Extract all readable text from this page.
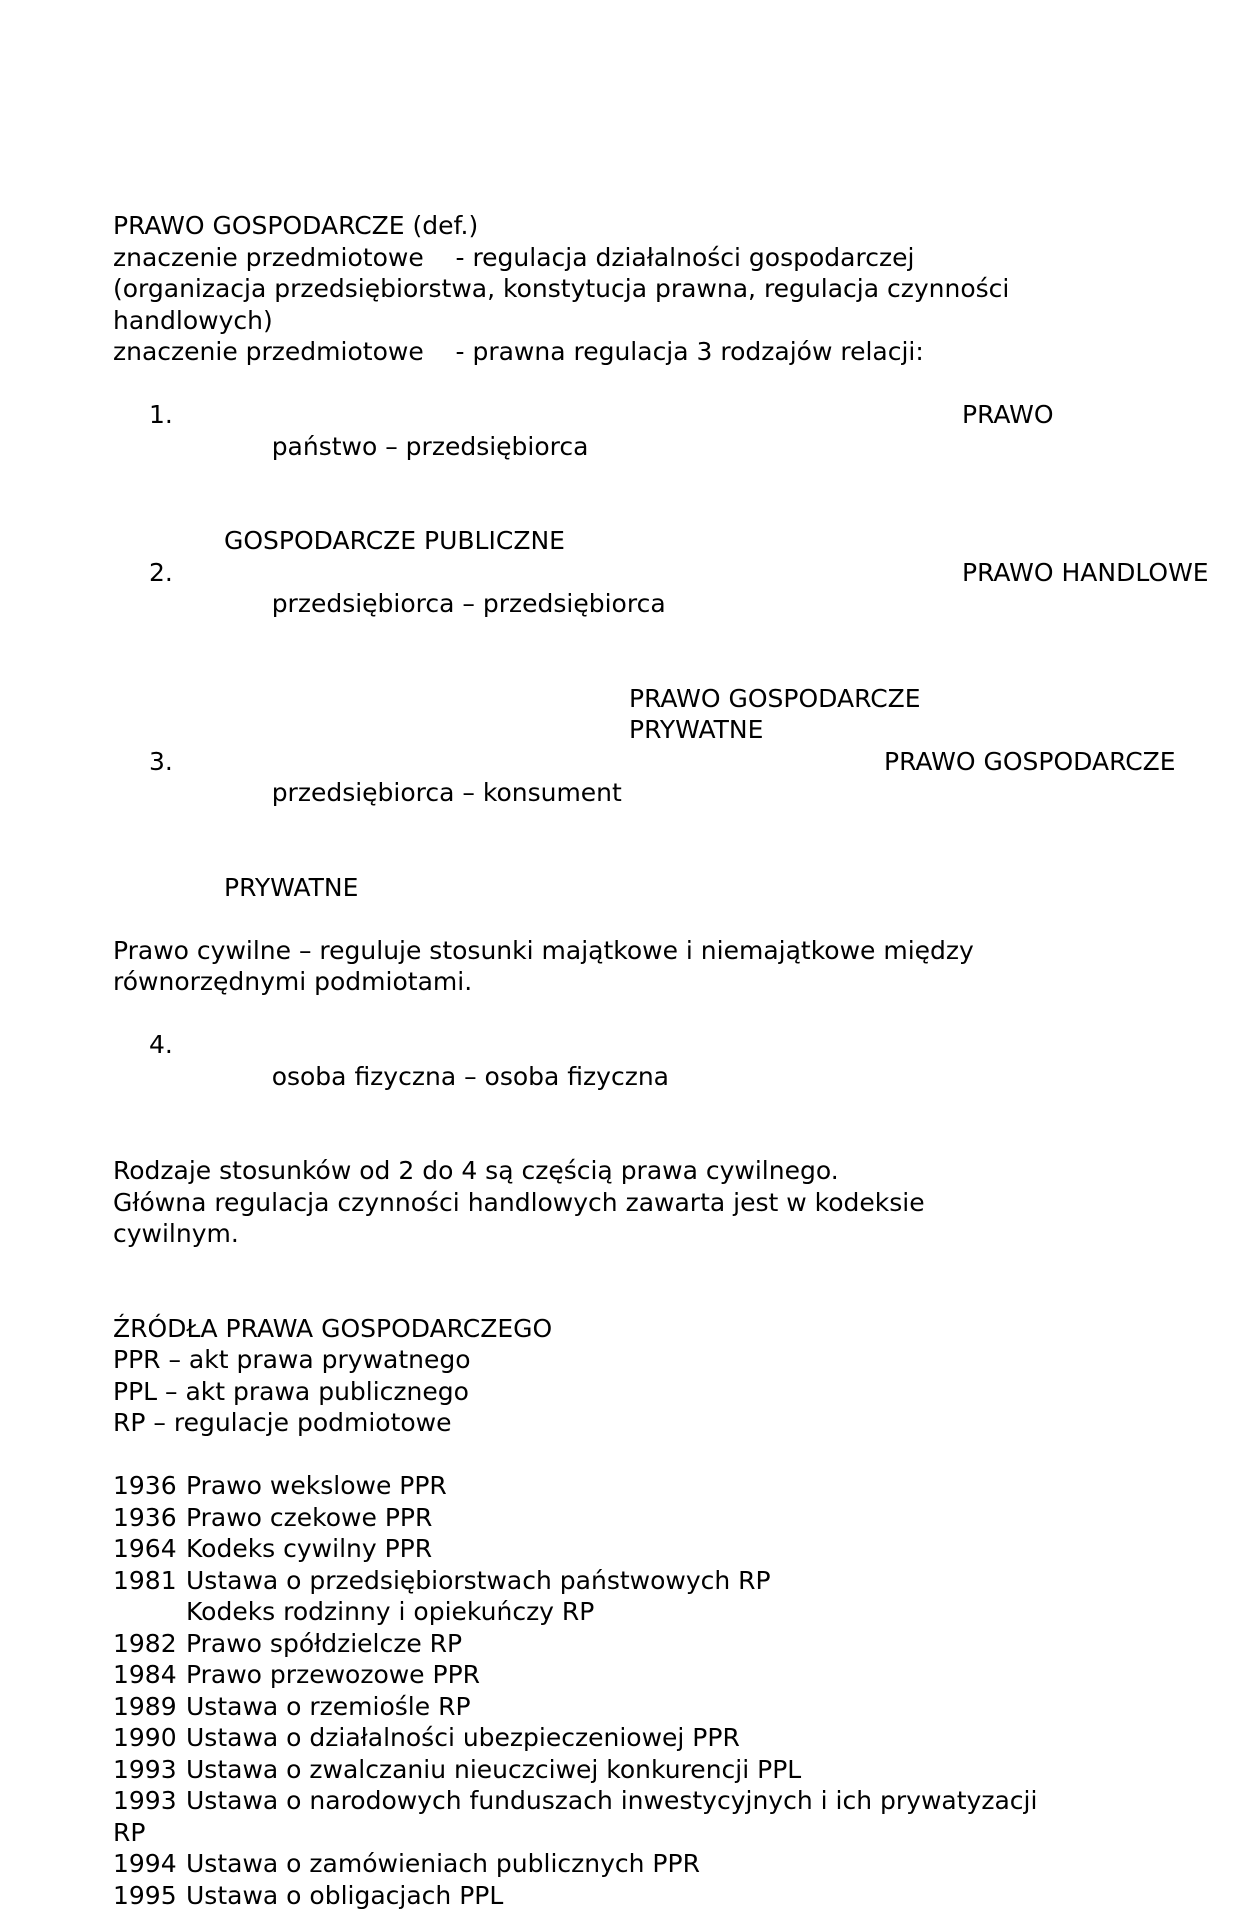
PRAWO GOSPODARCZE (def.)
znaczenie przedmiotowe    - regulacja działalności gospodarczej
(organizacja przedsiębiorstwa, konstytucja prawna, regulacja czynności
handlowych)
znaczenie przedmiotowe    - prawna regulacja 3 rodzajów relacji:
1.

państwo – przedsiębiorca

PRAWO

GOSPODARCZE PUBLICZNE
2.

przedsiębiorca – przedsiębiorca

PRAWO HANDLOWE

PRAWO GOSPODARCZE
PRYWATNE
3.

przedsiębiorca – konsument

PRAWO GOSPODARCZE

PRYWATNE
Prawo cywilne – reguluje stosunki majątkowe i niemajątkowe między
równorzędnymi podmiotami.
4.

osoba fizyczna – osoba fizyczna

Rodzaje stosunków od 2 do 4 są częścią prawa cywilnego.
Główna regulacja czynności handlowych zawarta jest w kodeksie
cywilnym.
ŹRÓDŁA PRAWA GOSPODARCZEGO
PPR – akt prawa prywatnego
PPL – akt prawa publicznego
RP – regulacje podmiotowe
1936 Prawo wekslowe PPR
1936 Prawo czekowe PPR
1964 Kodeks cywilny PPR
1981 Ustawa o przedsiębiorstwach państwowych RP
Kodeks rodzinny i opiekuńczy RP
1982 Prawo spółdzielcze RP
1984 Prawo przewozowe PPR
1989 Ustawa o rzemiośle RP
1990 Ustawa o działalności ubezpieczeniowej PPR
1993 Ustawa o zwalczaniu nieuczciwej konkurencji PPL
1993 Ustawa o narodowych funduszach inwestycyjnych i ich prywatyzacji
RP
1994 Ustawa o zamówieniach publicznych PPR
1995 Ustawa o obligacjach PPL
